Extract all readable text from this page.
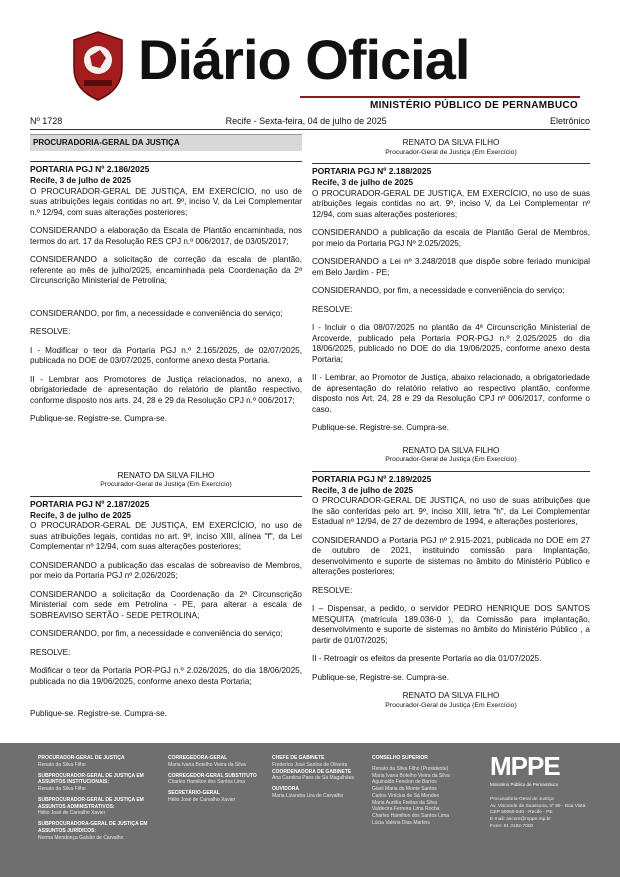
Diário Oficial
MINISTÉRIO PÚBLICO DE PERNAMBUCO
Nº 1728	Recife - Sexta-feira, 04 de julho de 2025	Eletrônico
PROCURADORIA-GERAL DA JUSTIÇA
PORTARIA PGJ Nº 2.186/2025
Recife, 3 de julho de 2025

O PROCURADOR-GERAL DE JUSTIÇA, EM EXERCÍCIO, no uso de suas atribuições legais contidas no art. 9º, inciso V, da Lei Complementar n.º 12/94, com suas alterações posteriores;

CONSIDERANDO a elaboração da Escala de Plantão encaminhada, nos termos do art. 17 da Resolução RES CPJ n.º 006/2017, de 03/05/2017;

CONSIDERANDO a solicitação de correção da escala de plantão, referente ao mês de julho/2025, encaminhada pela Coordenação da 2ª Circunscrição Ministerial de Petrolina;

CONSIDERANDO, por fim, a necessidade e conveniência do serviço;

RESOLVE:

I - Modificar o teor da Portaria PGJ n.º 2.165/2025, de 02/07/2025, publicada no DOE de 03/07/2025, conforme anexo desta Portaria.

II - Lembrar aos Promotores de Justiça relacionados, no anexo, a obrigatoriedade de apresentação do relatório de plantão respectivo, conforme disposto nos arts. 24, 28 e 29 da Resolução CPJ n.º 006/2017;

Publique-se. Registre-se. Cumpra-se.

RENATO DA SILVA FILHO
Procurador-Geral de Justiça (Em Exercício)
PORTARIA PGJ Nº 2.187/2025
Recife, 3 de julho de 2025

O PROCURADOR-GERAL DE JUSTIÇA, EM EXERCÍCIO, no uso de suas atribuições legais, contidas no art. 9º, inciso XIII, alínea "f", da Lei Complementar nº 12/94, com suas alterações posteriores;

CONSIDERANDO a publicação das escalas de sobreaviso de Membros, por meio da Portaria PGJ nº 2.026/2025;

CONSIDERANDO a solicitação da Coordenação da 2ª Circunscrição Ministerial com sede em Petrolina - PE, para alterar a escala de SOBREAVISO SERTÃO - SEDE PETROLINA;

CONSIDERANDO, por fim, a necessidade e conveniência do serviço;

RESOLVE:

Modificar o teor da Portaria POR-PGJ n.º 2.026/2025, do dia 18/06/2025, publicada no dia 19/06/2025, conforme anexo desta Portaria;

Publique-se. Registre-se. Cumpra-se.

RENATO DA SILVA FILHO
Procurador-Geral de Justiça (Em Exercício)
PORTARIA PGJ Nº 2.188/2025
Recife, 3 de julho de 2025

O PROCURADOR-GERAL DE JUSTIÇA, EM EXERCÍCIO, no uso de suas atribuições legais contidas no art. 9º, inciso V, da Lei Complementar nº 12/94, com suas alterações posteriores;

CONSIDERANDO a publicação da escala de Plantão Geral de Membros, por meio da Portaria PGJ Nº 2.025/2025;

CONSIDERANDO a Lei nº 3.248/2018 que dispõe sobre feriado municipal em Belo Jardim - PE;

CONSIDERANDO, por fim, a necessidade e conveniência do serviço;

RESOLVE:

I - Incluir o dia 08/07/2025 no plantão da 4ª Circunscrição Ministerial de Arcoverde, publicado pela Portaria POR-PGJ n.º 2.025/2025 do dia 18/06/2025, publicado no DOE do dia 19/06/2025, conforme anexo desta Portaria;

II - Lembrar, ao Promotor de Justiça, abaixo relacionado, a obrigatoriedade de apresentação do relatório relativo ao respectivo plantão, conforme disposto nos Art. 24, 28 e 29 da Resolução CPJ nº 006/2017, conforme o caso.

Publique-se. Registre-se. Cumpra-se.

RENATO DA SILVA FILHO
Procurador-Geral de Justiça (Em Exercício)
PORTARIA PGJ Nº 2.189/2025
Recife, 3 de julho de 2025

O PROCURADOR-GERAL DE JUSTIÇA, no uso de suas atribuições que lhe são conferidas pelo art. 9º, inciso XIII, letra "h", da Lei Complementar Estadual nº 12/94, de 27 de dezembro de 1994, e alterações posteriores,

CONSIDERANDO a Portaria PGJ nº 2.915-2021, publicada no DOE em 27 de outubro de 2021, instituindo comissão para Implantação, desenvolvimento e suporte de sistemas no âmbito do Ministério Público e alterações posteriores;

RESOLVE:

I – Dispensar, a pedido, o servidor PEDRO HENRIQUE DOS SANTOS MESQUITA (matrícula 189.036-0 ), da Comissão para implantação, desenvolvimento e suporte de sistemas no âmbito do Ministério Público , a partir de 01/07/2025;

II - Retroagir os efeitos da presente Portaria ao dia 01/07/2025.

Publique-se, Registre-se. Cumpra-se.

RENATO DA SILVA FILHO
Procurador-Geral de Justiça (Em Exercício)
PROCURADOR-GERAL DE JUSTIÇA
Renato da Silva Filho
SUBPROCURADOR-GERAL DE JUSTIÇA EM ASSUNTOS INSTITUCIONAIS:
Renato da Silva Filho
SUBPROCURADOR-GERAL DE JUSTIÇA EM ASSUNTOS ADMINISTRATIVOS:
Hélio José de Carvalho Xavier
SUBPROCURADORA-GERAL DE JUSTIÇA EM ASSUNTOS JURÍDICOS:
Norma Mendonça Galvão de Carvalho
CORREGEDORA-GERAL
Maria Ivana Botelho Vieira da Silva
CORREGEDOR-GERAL SUBSTITUTO
Charles Hamilton dos Santos Lima
SECRETÁRIO-GERAL
Hélio José de Carvalho Xavier
CHEFE DE GABINETE
Frederico José Santos de Oliveira
COORDENADORA DE GABINETE
Ana Carolina Paes de Sá Magalhães
OUVIDORA
Maria Lizandra Lira de Carvalho
CONSELHO SUPERIOR
Renato da Silva Filho (Presidente)
Maria Ivana Botelho Vieira da Silva
Aguinaldo Fenelon de Barros
Giani Maria do Monte Santos
Carlos Vinícius de Sá Mendes
Maria Aurélia Freitas da Silva
Valdecira Ferreira Lima Rocha
Charles Hamilton dos Santos Lima
Lúcia Valéria Dias Martins
MPPE
Ministério Público de Pernambuco
Procuradoria-Geral de Justiça
Av. Visconde de Suassuna, nº 99 - Boa Vista
CEP 50050-540 - Recife - PE
E-mail: ascom@mppe.mp.br
Fone: 81 3182-7000
